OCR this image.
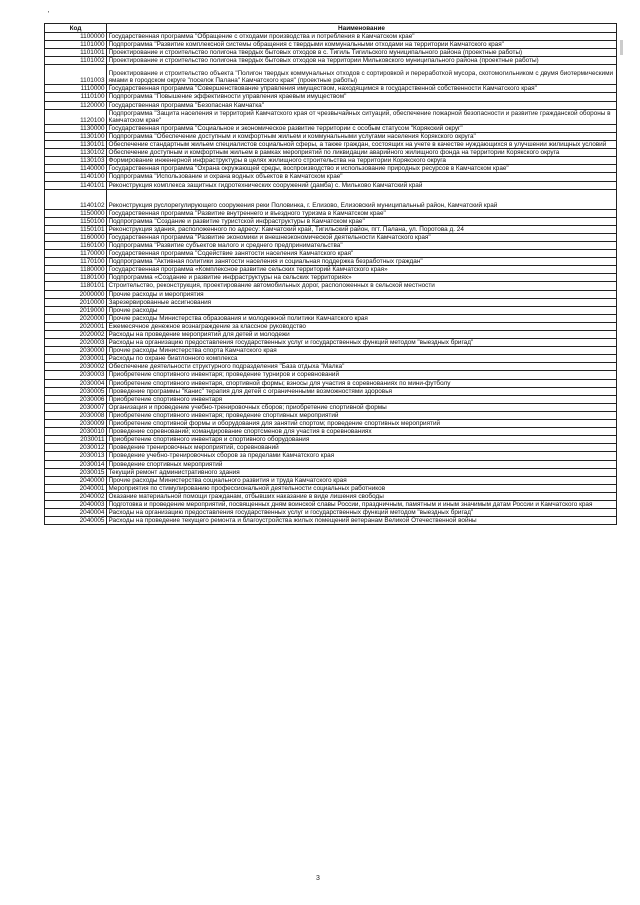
'
Код	Наименование
1100000	Государственная программа "Обращение с отходами производства и потребления в Камчатском крае"
1101000	Подпрограмма "Развитие комплексной системы обращения с твердыми коммунальными отходами на территории Камчатского края"
1101001	Проектирование и строительство полигона твердых бытовых отходов в с. Тигиль Тигильского муниципального района (проектные работы)
1101002	Проектирование и строительство полигона твердых бытовых отходов на территории Мильковского муниципального района (проектные работы)
1101003	Проектирование и строительство объекта "Полигон твердых коммунальных отходов с сортировкой и переработкой мусора, скотомогильником с двумя биотермическими ямами в городском округе "поселок Палана" Камчатского края" (проектные работы)
1110000	Государственная программа "Совершенствование управления имуществом, находящимся в государственной собственности Камчатского края"
1110100	Подпрограмма "Повышение эффективности управления краевым имуществом"
1120000	Государственная программа "Безопасная Камчатка"
1120100	Подпрограмма "Защита населения и территорий Камчатского края от чрезвычайных ситуаций, обеспечение пожарной безопасности и развитие гражданской обороны в Камчатском крае"
1130000	Государственная программа "Социальное и экономическое развитие территории с особым статусом "Корякский округ"
1130100	Подпрограмма "Обеспечение доступным и комфортным жильем и коммунальными услугами населения Корякского округа"
1130101	Обеспечение стандартным жильем специалистов социальной сферы, а также граждан, состоящих на учете в качестве нуждающихся в улучшении жилищных условий
1130102	Обеспечение доступным и комфортным жильем в рамках мероприятий по ликвидации аварийного жилищного фонда на территории Корякского округа
1130103	Формирование инженерной инфраструктуры в целях жилищного строительства на территории Корякского округа
1140000	Государственная программа "Охрана окружающей среды, воспроизводство и использование природных ресурсов в Камчатском крае"
1140100	Подпрограмма "Использование и охрана водных объектов в Камчатском крае"
1140101	Реконструкция комплекса защитных гидротехнических сооружений (дамба) с. Мильково Камчатский край
1140102	Реконструкция руслорегулирующего сооружения реки Половинка, г. Елизово, Елизовский муниципальный район, Камчатский край
1150000	Государственная программа "Развитие внутреннего и въездного туризма в Камчатском крае"
1150100	Подпрограмма "Создание и развитие туристской инфраструктуры в Камчатском крае"
1150101	Реконструкция здания, расположенного по адресу: Камчатский край, Тигильский район, пгт. Палана, ул. Поротова д. 24
1160000	Государственная программа "Развитие экономики и внешнеэкономической деятельности Камчатского края"
1160100	Подпрограмма "Развитие субъектов малого и среднего предпринимательства"
1170000	Государственная программа "Содействие занятости населения Камчатского края"
1170100	Подпрограмма "Активная политики занятости населения и социальная поддержка безработных граждан"
1180000	Государственная программа «Комплексное развитие сельских территорий Камчатского края»
1180100	Подпрограмма «Создание и развитие инфраструктуры на сельских территориях»
1180101	Строительство, реконструкция, проектирование автомобильных дорог, расположенных в сельской местности
2000000	Прочие расходы и мероприятия
2010000	Зарезервированные ассигнования
2019000	Прочие расходы
2020000	Прочие расходы Министерства образования и молодежной политики Камчатского края
2020001	Ежемесячное денежное вознаграждение за классное руководство
2020002	Расходы на проведение мероприятий для детей и молодежи
2020003	Расходы на организацию предоставления государственных услуг и государственных функций методом "выездных бригад"
2030000	Прочие расходы Министерства спорта Камчатского края
2030001	Расходы по охране биатлонного комплекса
2030002	Обеспечение деятельности структурного подразделения "База отдыха "Малка"
2030003	Приобретение спортивного инвентаря; проведение турниров и соревнований
2030004	Приобретение спортивного инвентаря, спортивной формы; взносы для участия в соревнованиях по мини-футболу
2030005	Проведение программы "Канис" терапия для детей с ограниченными возможностями здоровья
2030006	Приобретение спортивного инвентаря
2030007	Организация и проведение учебно-тренировочных сборов; приобретение спортивной формы
2030008	Приобретение спортивного инвентаря; проведение спортивных мероприятий
2030009	Приобретение спортивной формы и оборудования для занятий спортом; проведение спортивных мероприятий
2030010	Проведение соревнований; командирование спортсменов для участия в соревнованиях
2030011	Приобретение спортивного инвентаря и спортивного оборудования
2030012	Проведение тренировочных мероприятий, соревнований
2030013	Проведение учебно-тренировочных сборов за пределами Камчатского края
2030014	Проведение спортивных мероприятий
2030015	Текущий ремонт административного здания
2040000	Прочие расходы Министерства социального развития и труда Камчатского края
2040001	Мероприятия по стимулированию профессиональной деятельности социальных работников
2040002	Оказание материальной помощи гражданам, отбывших наказание в виде лишения свободы
2040003	Подготовка и проведение мероприятий, посвященных дням воинской славы России, праздничным, памятным и иным значимым датам России и Камчатского края
2040004	Расходы на организацию предоставления государственных услуг и государственных функций методом "выездных бригад"
2040005	Расходы на проведение текущего ремонта и благоустройства жилых помещений ветеранам Великой Отечественной войны
3
